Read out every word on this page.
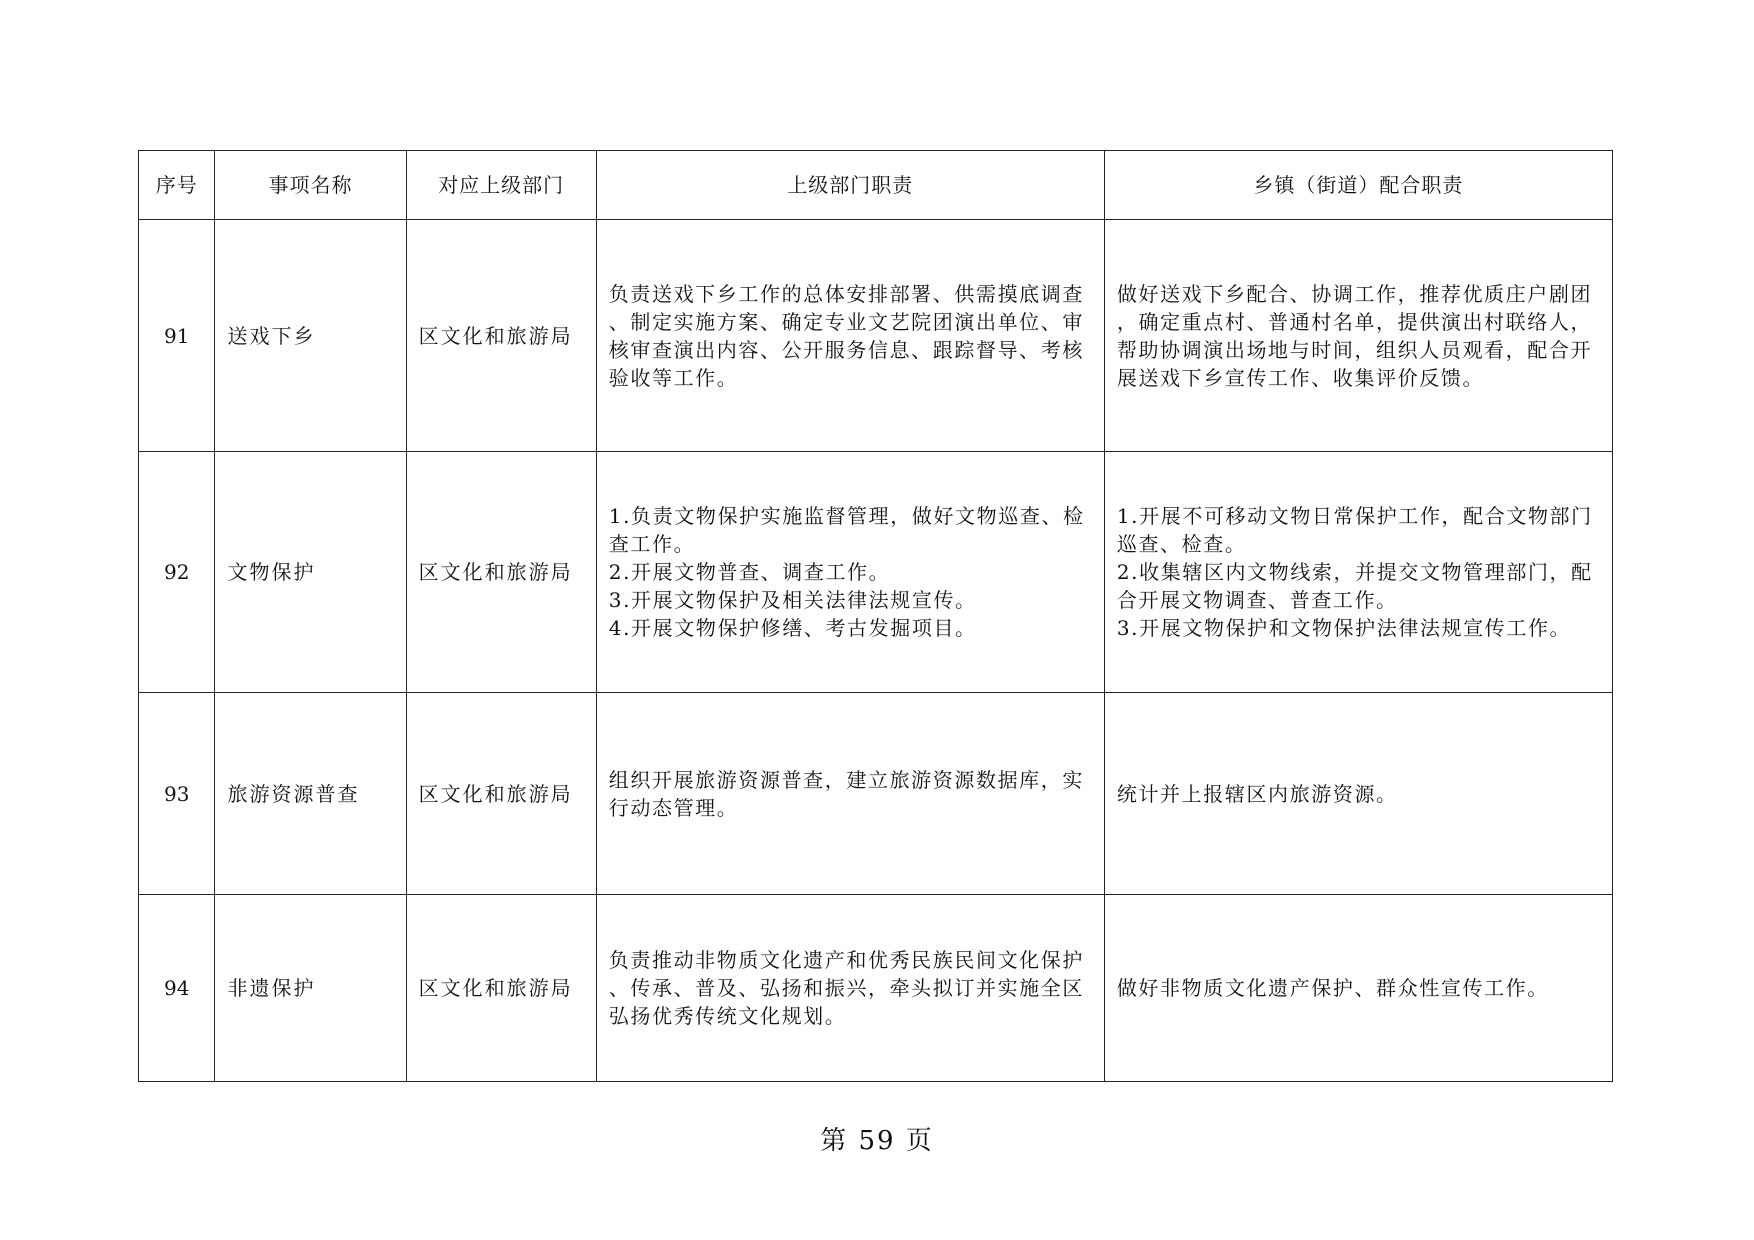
序号	事项名称	对应上级部门	上级部门职责	乡镇（街道）配合职责
91	送戏下乡	区文化和旅游局	负责送戏下乡工作的总体安排部署、供需摸底调查
、制定实施方案、确定专业文艺院团演出单位、审
核审查演出内容、公开服务信息、跟踪督导、考核
验收等工作。	做好送戏下乡配合、协调工作，推荐优质庄户剧团
，确定重点村、普通村名单，提供演出村联络人，
帮助协调演出场地与时间，组织人员观看，配合开
展送戏下乡宣传工作、收集评价反馈。

92	文物保护	区文化和旅游局	1.负责文物保护实施监督管理，做好文物巡查、检
查工作。
2.开展文物普查、调查工作。
3.开展文物保护及相关法律法规宣传。
4.开展文物保护修缮、考古发掘项目。	1.开展不可移动文物日常保护工作，配合文物部门
巡查、检查。
2.收集辖区内文物线索，并提交文物管理部门，配
合开展文物调查、普查工作。
3.开展文物保护和文物保护法律法规宣传工作。

93	旅游资源普查	区文化和旅游局	组织开展旅游资源普查，建立旅游资源数据库，实
行动态管理。	统计并上报辖区内旅游资源。

94	非遗保护	区文化和旅游局	负责推动非物质文化遗产和优秀民族民间文化保护
、传承、普及、弘扬和振兴，牵头拟订并实施全区
弘扬优秀传统文化规划。	做好非物质文化遗产保护、群众性宣传工作。
第 59 页
